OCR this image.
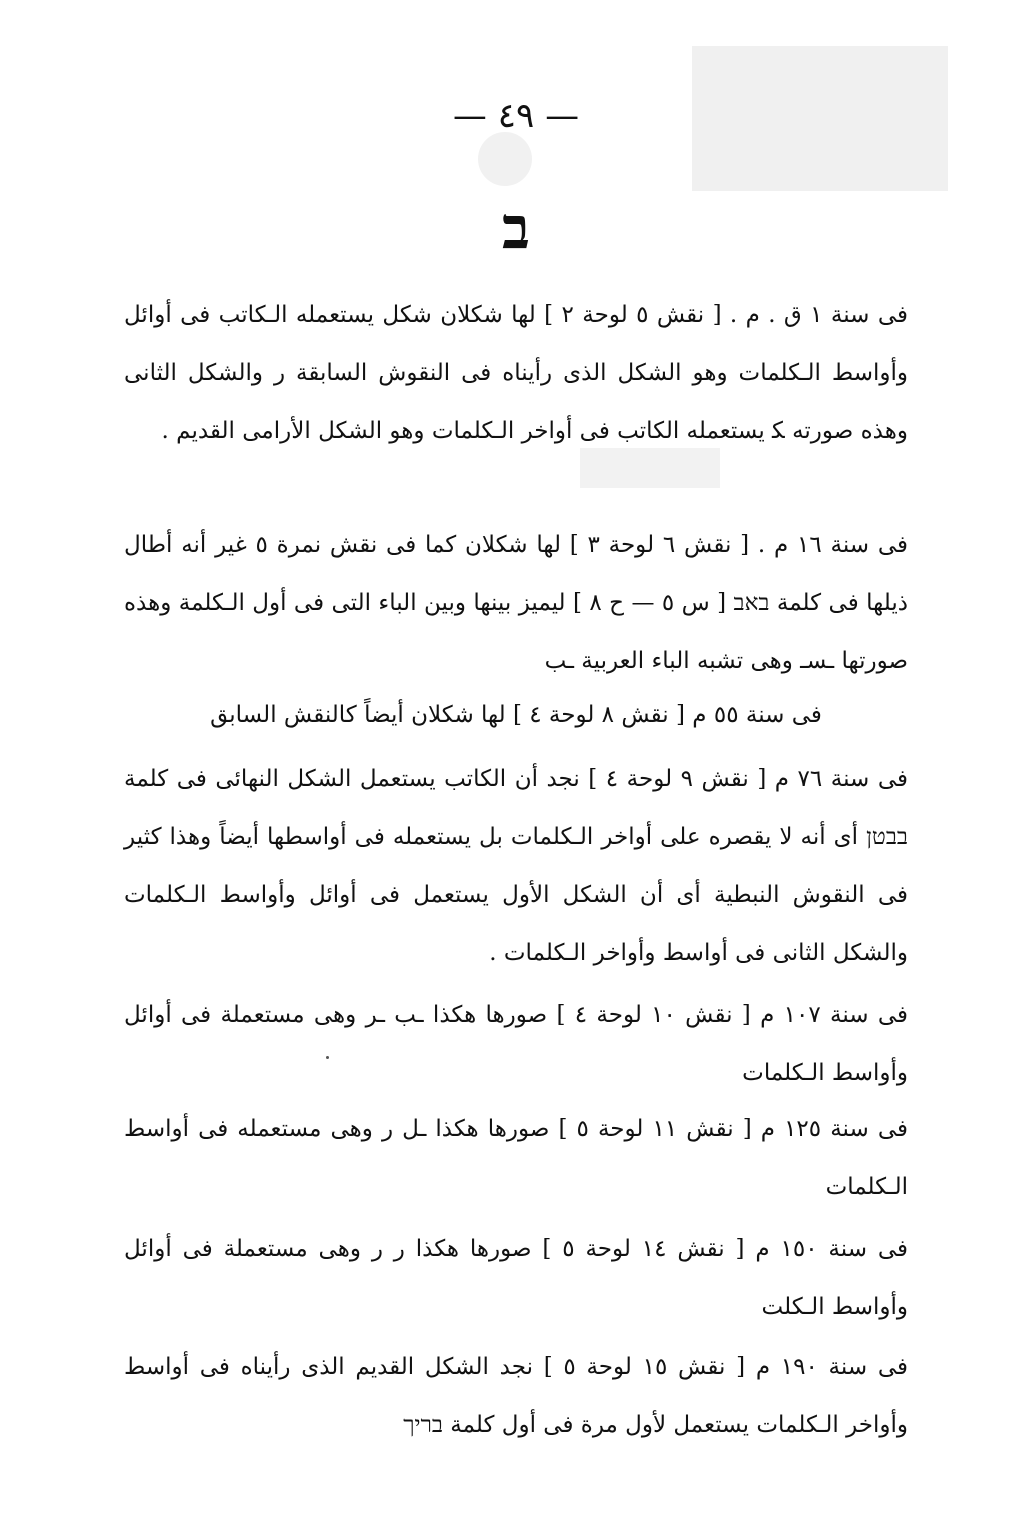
— ٤٩ —
ב

فى سنة ١ ق . م . [ نقش ٥ لوحة ٢ ] لها شكلان شكل يستعمله الـكاتب فى أوائل وأواسط الـكلمات وهو الشكل الذى رأيناه فى النقوش السابقة ر والشكل الثانى وهذه صورته ﮑ يستعمله الكاتب فى أواخر الـكلمات وهو الشكل الأرامى القديم .

فى سنة ١٦ م . [ نقش ٦ لوحة ٣ ] لها شكلان كما فى نقش نمرة ٥ غير أنه أطال ذيلها فى كلمة באב [ س ٥ — ح ٨ ] ليميز بينها وبين الباء التى فى أول الـكلمة وهذه صورتها ـسـ وهى تشبه الباء العربية ـب

فى سنة ٥٥ م [ نقش ٨ لوحة ٤ ] لها شكلان أيضاً كالنقش السابق

فى سنة ٧٦ م [ نقش ٩ لوحة ٤ ] نجد أن الكاتب يستعمل الشكل النهائى فى كلمة בבטן أى أنه لا يقصره على أواخر الـكلمات بل يستعمله فى أواسطها أيضاً وهذا كثير فى النقوش النبطية أى أن الشكل الأول يستعمل فى أوائل وأواسط الـكلمات والشكل الثانى فى أواسط وأواخر الـكلمات .

فى سنة ١٠٧ م [ نقش ١٠ لوحة ٤ ] صورها هكذا ـب ـر وهى مستعملة فى أوائل وأواسط الـكلمات

فى سنة ١٢٥ م [ نقش ١١ لوحة ٥ ] صورها هكذا ـل ر وهى مستعمله فى أواسط الـكلمات

فى سنة ١٥٠ م [ نقش ١٤ لوحة ٥ ] صورها هكذا ر ر وهى مستعملة فى أوائل وأواسط الـكلت

فى سنة ١٩٠ م [ نقش ١٥ لوحة ٥ ] نجد الشكل القديم الذى رأيناه فى أواسط وأواخر الـكلمات يستعمل لأول مرة فى أول كلمة בריך
